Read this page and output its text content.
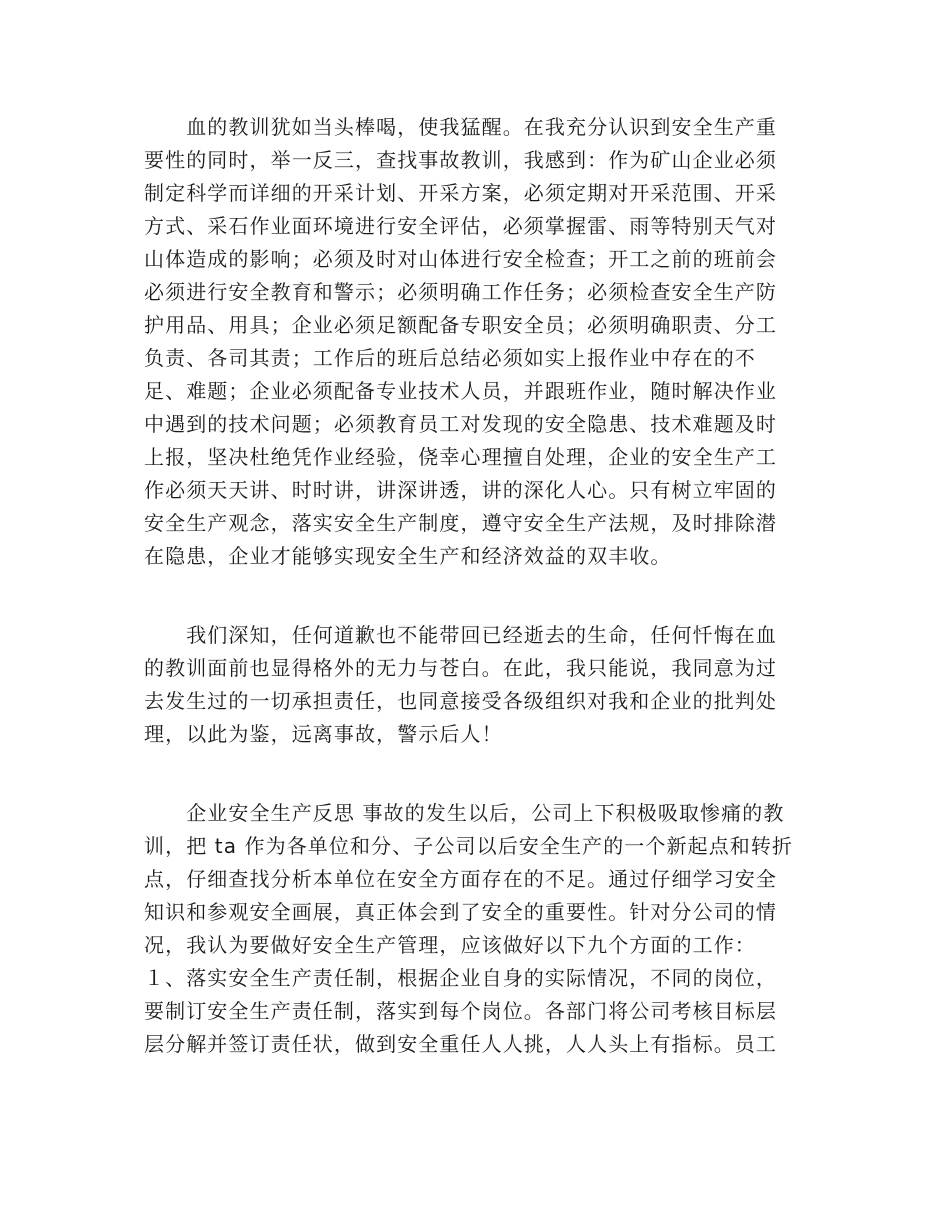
　　血的教训犹如当头棒喝，使我猛醒。在我充分认识到安全生产重
要性的同时，举一反三，查找事故教训，我感到：作为矿山企业必须
制定科学而详细的开采计划、开采方案，必须定期对开采范围、开采
方式、采石作业面环境进行安全评估，必须掌握雷、雨等特别天气对
山体造成的影响；必须及时对山体进行安全检查；开工之前的班前会
必须进行安全教育和警示；必须明确工作任务；必须检查安全生产防
护用品、用具；企业必须足额配备专职安全员；必须明确职责、分工
负责、各司其责；工作后的班后总结必须如实上报作业中存在的不
足、难题；企业必须配备专业技术人员，并跟班作业，随时解决作业
中遇到的技术问题；必须教育员工对发现的安全隐患、技术难题及时
上报，坚决杜绝凭作业经验，侥幸心理擅自处理，企业的安全生产工
作必须天天讲、时时讲，讲深讲透，讲的深化人心。只有树立牢固的
安全生产观念，落实安全生产制度，遵守安全生产法规，及时排除潜
在隐患，企业才能够实现安全生产和经济效益的双丰收。
　　我们深知，任何道歉也不能带回已经逝去的生命，任何忏悔在血
的教训面前也显得格外的无力与苍白。在此，我只能说，我同意为过
去发生过的一切承担责任，也同意接受各级组织对我和企业的批判处
理，以此为鉴，远离事故，警示后人！
　　企业安全生产反思 事故的发生以后，公司上下积极吸取惨痛的教
训，把 ta 作为各单位和分、子公司以后安全生产的一个新起点和转折
点，仔细查找分析本单位在安全方面存在的不足。通过仔细学习安全
知识和参观安全画展，真正体会到了安全的重要性。针对分公司的情
况，我认为要做好安全生产管理，应该做好以下九个方面的工作：
１、落实安全生产责任制，根据企业自身的实际情况，不同的岗位，
要制订安全生产责任制，落实到每个岗位。各部门将公司考核目标层
层分解并签订责任状，做到安全重任人人挑，人人头上有指标。员工
